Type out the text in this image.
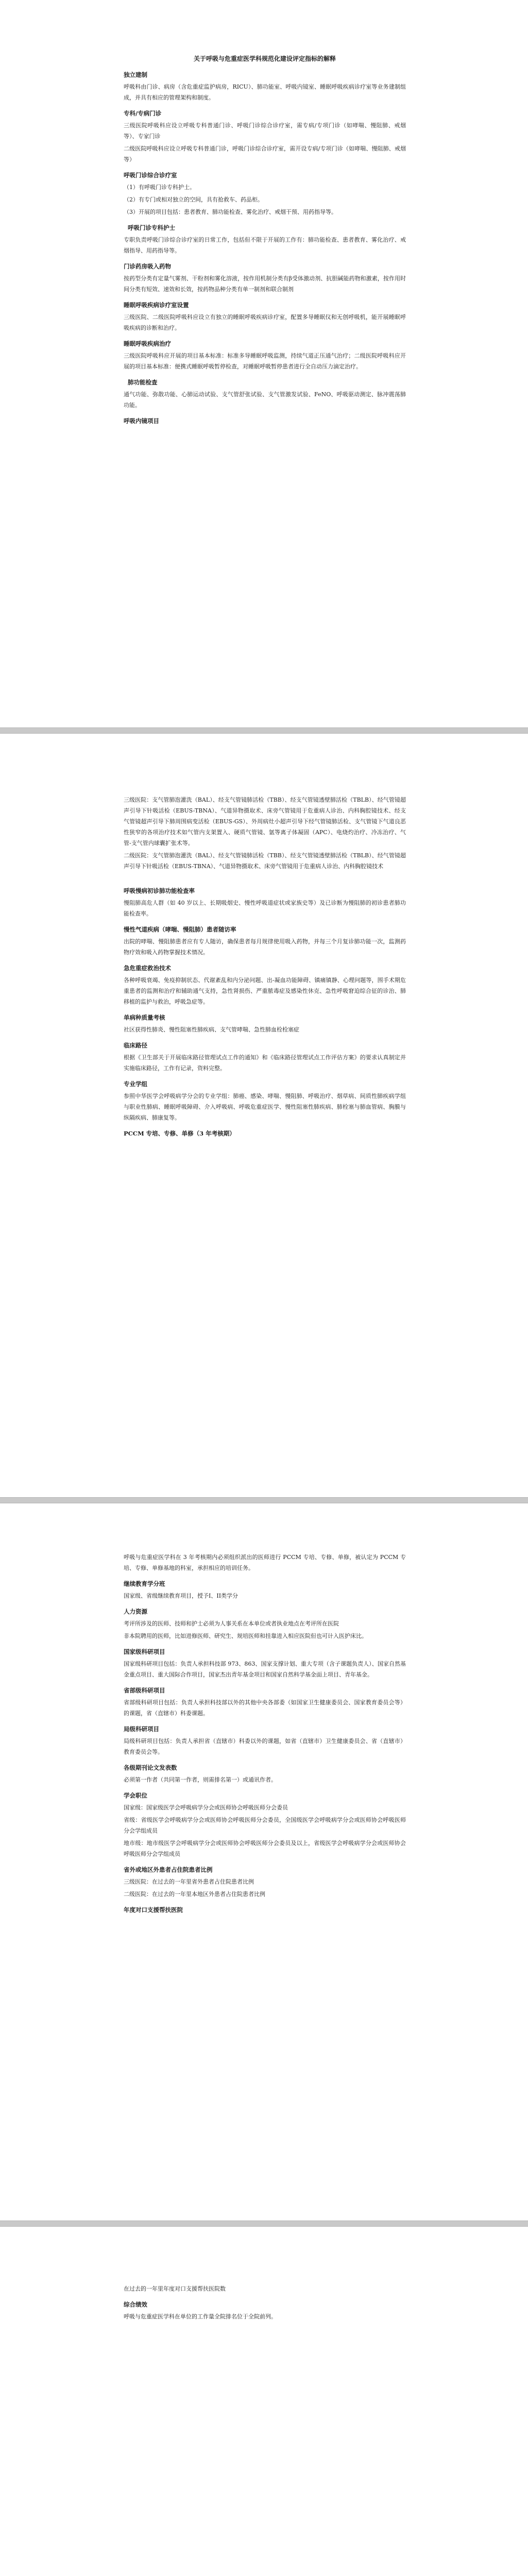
关于呼吸与危重症医学科规范化建设评定指标的解释
独立建制

呼吸科由门诊、病房（含危重症监护病房，RICU）、肺功能室、呼吸内镜室、睡眠呼吸疾病诊疗室等业务建制组成，并具有相应的管理架构和制度。

专科/专病门诊

三级医院呼吸科应设立呼吸专科普通门诊、呼吸门诊综合诊疗室，需专病/专项门诊（如哮喘、慢阻肺、戒烟等）、专家门诊

二级医院呼吸科应设立呼吸专科普通门诊，呼吸门诊综合诊疗室，需开设专病/专项门诊（如哮喘、慢阻肺、戒烟等）

呼吸门诊综合诊疗室

（1）有呼吸门诊专科护士。

（2）有专门或相对独立的空间，具有抢救车、药品柜。

（3）开展的项目包括：患者教育、肺功能检查、雾化治疗、戒烟干预、用药指导等。

呼吸门诊专科护士

专职负责呼吸门诊综合诊疗室的日常工作，包括但不限于开展的工作有：肺功能检查、患者教育、雾化治疗、戒烟指导、用药指导等。

门诊药房吸入药物

按药型分类有定量气雾剂、干粉剂和雾化溶液，按作用机制分类有β受体激动剂、抗胆碱能药物和激素，按作用时间分类有短效、速效和长效，按药物品种分类有单一制剂和联合制剂

睡眠呼吸疾病诊疗室设置

三级医院、二级医院呼吸科应设立有独立的睡眠呼吸疾病诊疗室，配置多导睡眠仪和无创呼吸机，能开展睡眠呼吸疾病的诊断和治疗。

睡眠呼吸疾病治疗

三级医院呼吸科应开展的项目基本标准：标准多导睡眠呼吸监测，持续气道正压通气治疗；二级医院呼吸科应开展的项目基本标准：便携式睡眠呼吸暂停检查，对睡眠呼吸暂停患者进行全自动压力滴定治疗。

肺功能检查

通气功能、弥散功能、心肺运动试验、支气管舒张试验、支气管激发试验、FeNO、呼吸驱动测定、脉冲震荡肺功能。

呼吸内镜项目

三级医院：支气管肺泡灌洗（BAL）、经支气管镜肺活检（TBB）、经支气管镜透壁肺活检（TBLB）、经气管镜超声引导下针吸活检（EBUS-TBNA）、气道异物摄取术、床旁气管镜用于危重病人诊治、内科胸腔镜技术、经支气管镜超声引导下肺周围病变活检（EBUS-GS）、外周病灶小超声引导下经气管镜肺活检、支气管镜下气道良恶性狭窄的各项治疗技术如气管内支架置入、硬质气管镜、氩等离子体凝固（APC）、电烧灼治疗、冷冻治疗、气管-支气管内球囊扩张术等。

二级医院：支气管肺泡灌洗（BAL）、经支气管镜肺活检（TBB）、经支气管镜透壁肺活检（TBLB）、经气管镜超声引导下针吸活检（EBUS-TBNA）、气道异物摄取术、床旁气管镜用于危重病人诊治、内科胸腔镜技术

呼吸慢病初诊肺功能检查率

慢阻肺高危人群（如 40 岁以上、长期吸烟史、慢性呼吸道症状或家族史等）及已诊断为慢阻肺的初诊患者肺功能检查率。

慢性气道疾病（哮喘、慢阻肺）患者随访率

出院的哮喘、慢阻肺患者应有专人随访，确保患者每月规律使用吸入药物，并每三个月复诊肺功能一次，监测药物疗效和吸入药物掌握技术情况。

急危重症救治技术

各种呼吸衰竭、免疫抑制状态、代谢紊乱和内分泌问题、出-凝血功能障碍、镇痛镇静、心理问题等，围手术期危重患者的监测和治疗和辅助通气支持，急性肾损伤、严重脓毒症及感染性休克、急性呼吸窘迫综合征的诊治、肺移植的监护与救治，呼吸急症等。

单病种质量考核

社区获得性肺炎、慢性阻塞性肺疾病、支气管哮喘、急性肺血栓栓塞症

临床路径

根据《卫生部关于开展临床路径管理试点工作的通知》和《临床路径管理试点工作评估方案》的要求认真制定并实施临床路径，工作有记录，资料完整。

专业学组

参照中华医学会呼吸病学分会的专业学组：肺癌、感染、哮喘、慢阻肺、呼吸治疗、烟草病、间质性肺疾病学组与职业性肺病、睡眠呼吸障碍、介入呼吸病、呼吸危重症医学、慢性阻塞性肺疾病、肺栓塞与肺血管病、胸膜与纵隔疾病、肺康复等。

PCCM 专培、专修、单修（3 年考核期）

呼吸与危重症医学科在 3 年考核期内必须组织派出的医师进行 PCCM 专培、专修、单修，被认定为 PCCM 专培、专修、单修基地的科室，承担相应的培训任务。

继续教育学分班

国家级、省级继续教育项目，授予I、II类学分

人力资源

考评所涉及的医师、技师和护士必须为人事关系在本单位或者执业地点在考评所在医院

非本院聘用的医师，比如进修医师、研究生、规培医师和挂靠进入相应医院但也可计入医护床比。

国家级科研项目

国家级科研项目包括：负责人承担科技部 973、863、国家支撑计划、重大专项（含子课题负责人）、国家自然基金重点项目、重大国际合作项目，国家杰出青年基金项目和国家自然科学基金面上项目、青年基金。

省部级科研项目

省部级科研项目包括：负责人承担科技部以外的其他中央各部委（如国家卫生健康委员会、国家教育委员会等）的课题，省（直辖市）科委课题。

局级科研项目

局级科研项目包括：负责人承担省（直辖市）科委以外的课题，如省（直辖市）卫生健康委员会、省（直辖市）教育委员会等。

各级期刊论文发表数

必须第一作者（共同第一作者，则需排名第一）或通讯作者。

学会职位

国家级：国家级医学会呼吸病学分会或医师协会呼吸医师分会委员

省级：省级医学会呼吸病学分会或医师协会呼吸医师分会委员，全国级医学会呼吸病学分会或医师协会呼吸医师分会学组成员

地市级：地市级医学会呼吸病学分会或医师协会呼吸医师分会委员及以上，省级医学会呼吸病学分会或医师协会呼吸医师分会学组成员

省外或地区外患者占住院患者比例

三级医院：在过去的一年里省外患者占住院患者比例

二级医院：在过去的一年里本地区外患者占住院患者比例

年度对口支援帮扶医院

在过去的一年里年度对口支援帮扶医院数

综合绩效

呼吸与危重症医学科在单位的工作量全院排名位于全院前列。
